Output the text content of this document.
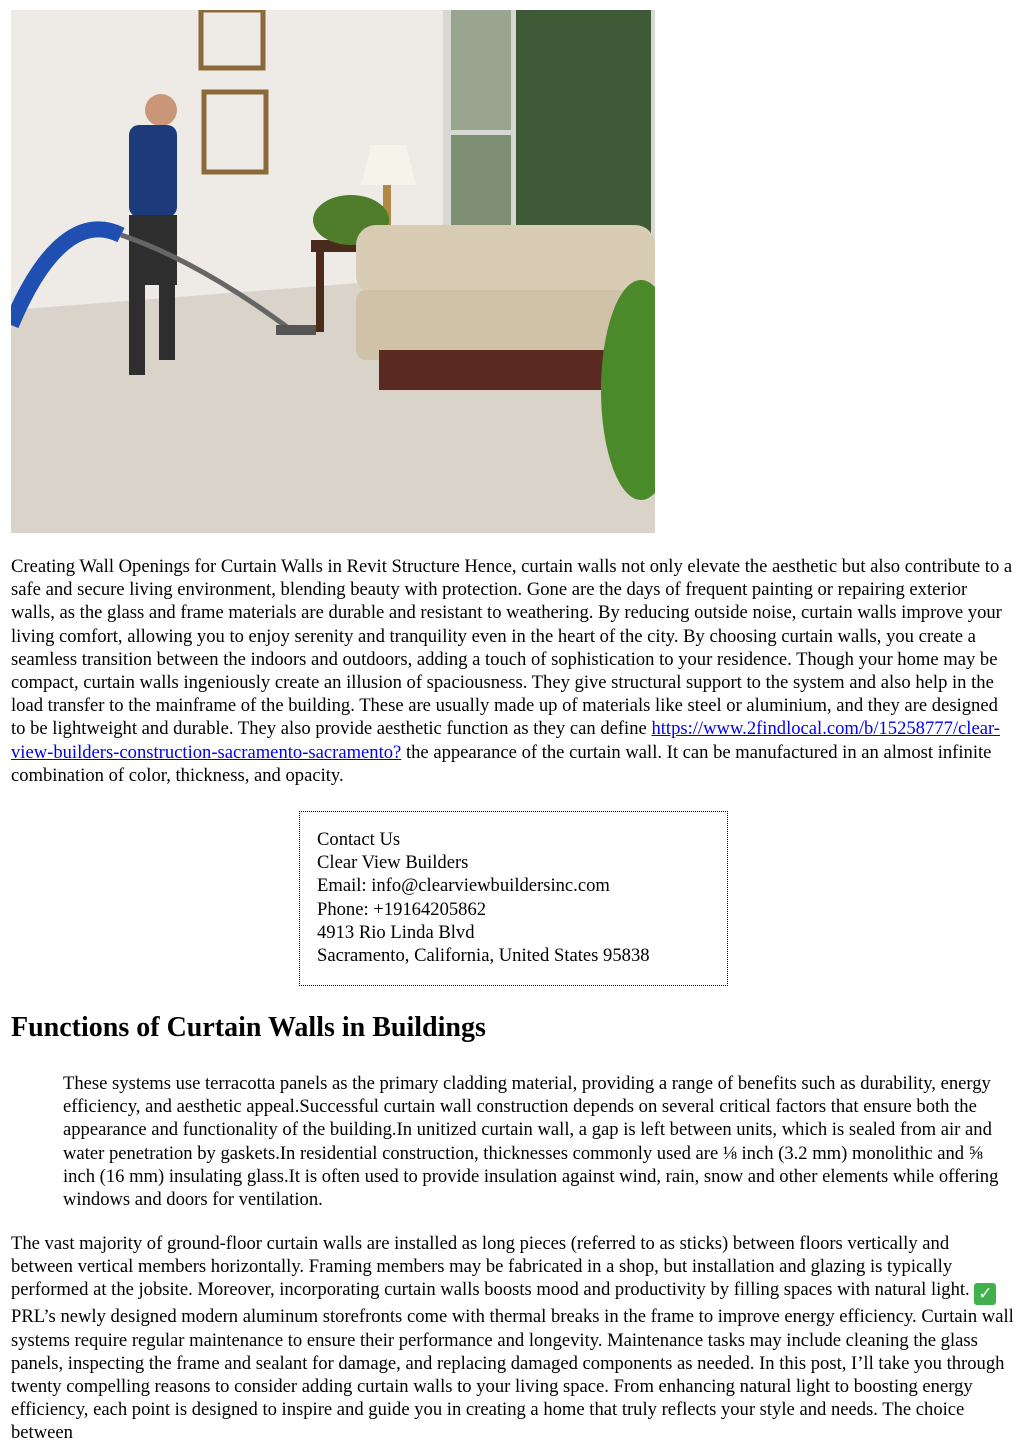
Creating Wall Openings for Curtain Walls in Revit Structure Hence, curtain walls not only elevate the aesthetic but also contribute to a safe and secure living environment, blending beauty with protection. Gone are the days of frequent painting or repairing exterior walls, as the glass and frame materials are durable and resistant to weathering. By reducing outside noise, curtain walls improve your living comfort, allowing you to enjoy serenity and tranquility even in the heart of the city. By choosing curtain walls, you create a seamless transition between the indoors and outdoors, adding a touch of sophistication to your residence. Though your home may be compact, curtain walls ingeniously create an illusion of spaciousness. They give structural support to the system and also help in the load transfer to the mainframe of the building. These are usually made up of materials like steel or aluminium, and they are designed to be lightweight and durable. They also provide aesthetic function as they can define https://www.2findlocal.com/b/15258777/clear-view-builders-construction-sacramento-sacramento? the appearance of the curtain wall. It can be manufactured in an almost infinite combination of color, thickness, and opacity.

Contact Us
Clear View Builders
Email: info@clearviewbuildersinc.com
Phone: +19164205862
4913 Rio Linda Blvd
Sacramento, California, United States 95838
Functions of Curtain Walls in Buildings

These systems use terracotta panels as the primary cladding material, providing a range of benefits such as durability, energy efficiency, and aesthetic appeal.Successful curtain wall construction depends on several critical factors that ensure both the appearance and functionality of the building.In unitized curtain wall, a gap is left between units, which is sealed from air and water penetration by gaskets.In residential construction, thicknesses commonly used are ⅛ inch (3.2 mm) monolithic and ⅝ inch (16 mm) insulating glass.It is often used to provide insulation against wind, rain, snow and other elements while offering windows and doors for ventilation.

The vast majority of ground-floor curtain walls are installed as long pieces (referred to as sticks) between floors vertically and between vertical members horizontally. Framing members may be fabricated in a shop, but installation and glazing is typically performed at the jobsite. Moreover, incorporating curtain walls boosts mood and productivity by filling spaces with natural light. ✓ PRL’s newly designed modern aluminum storefronts come with thermal breaks in the frame to improve energy efficiency. Curtain wall systems require regular maintenance to ensure their performance and longevity. Maintenance tasks may include cleaning the glass panels, inspecting the frame and sealant for damage, and replacing damaged components as needed. In this post, I’ll take you through twenty compelling reasons to consider adding curtain walls to your living space. From enhancing natural light to boosting energy efficiency, each point is designed to inspire and guide you in creating a home that truly reflects your style and needs. The choice between
